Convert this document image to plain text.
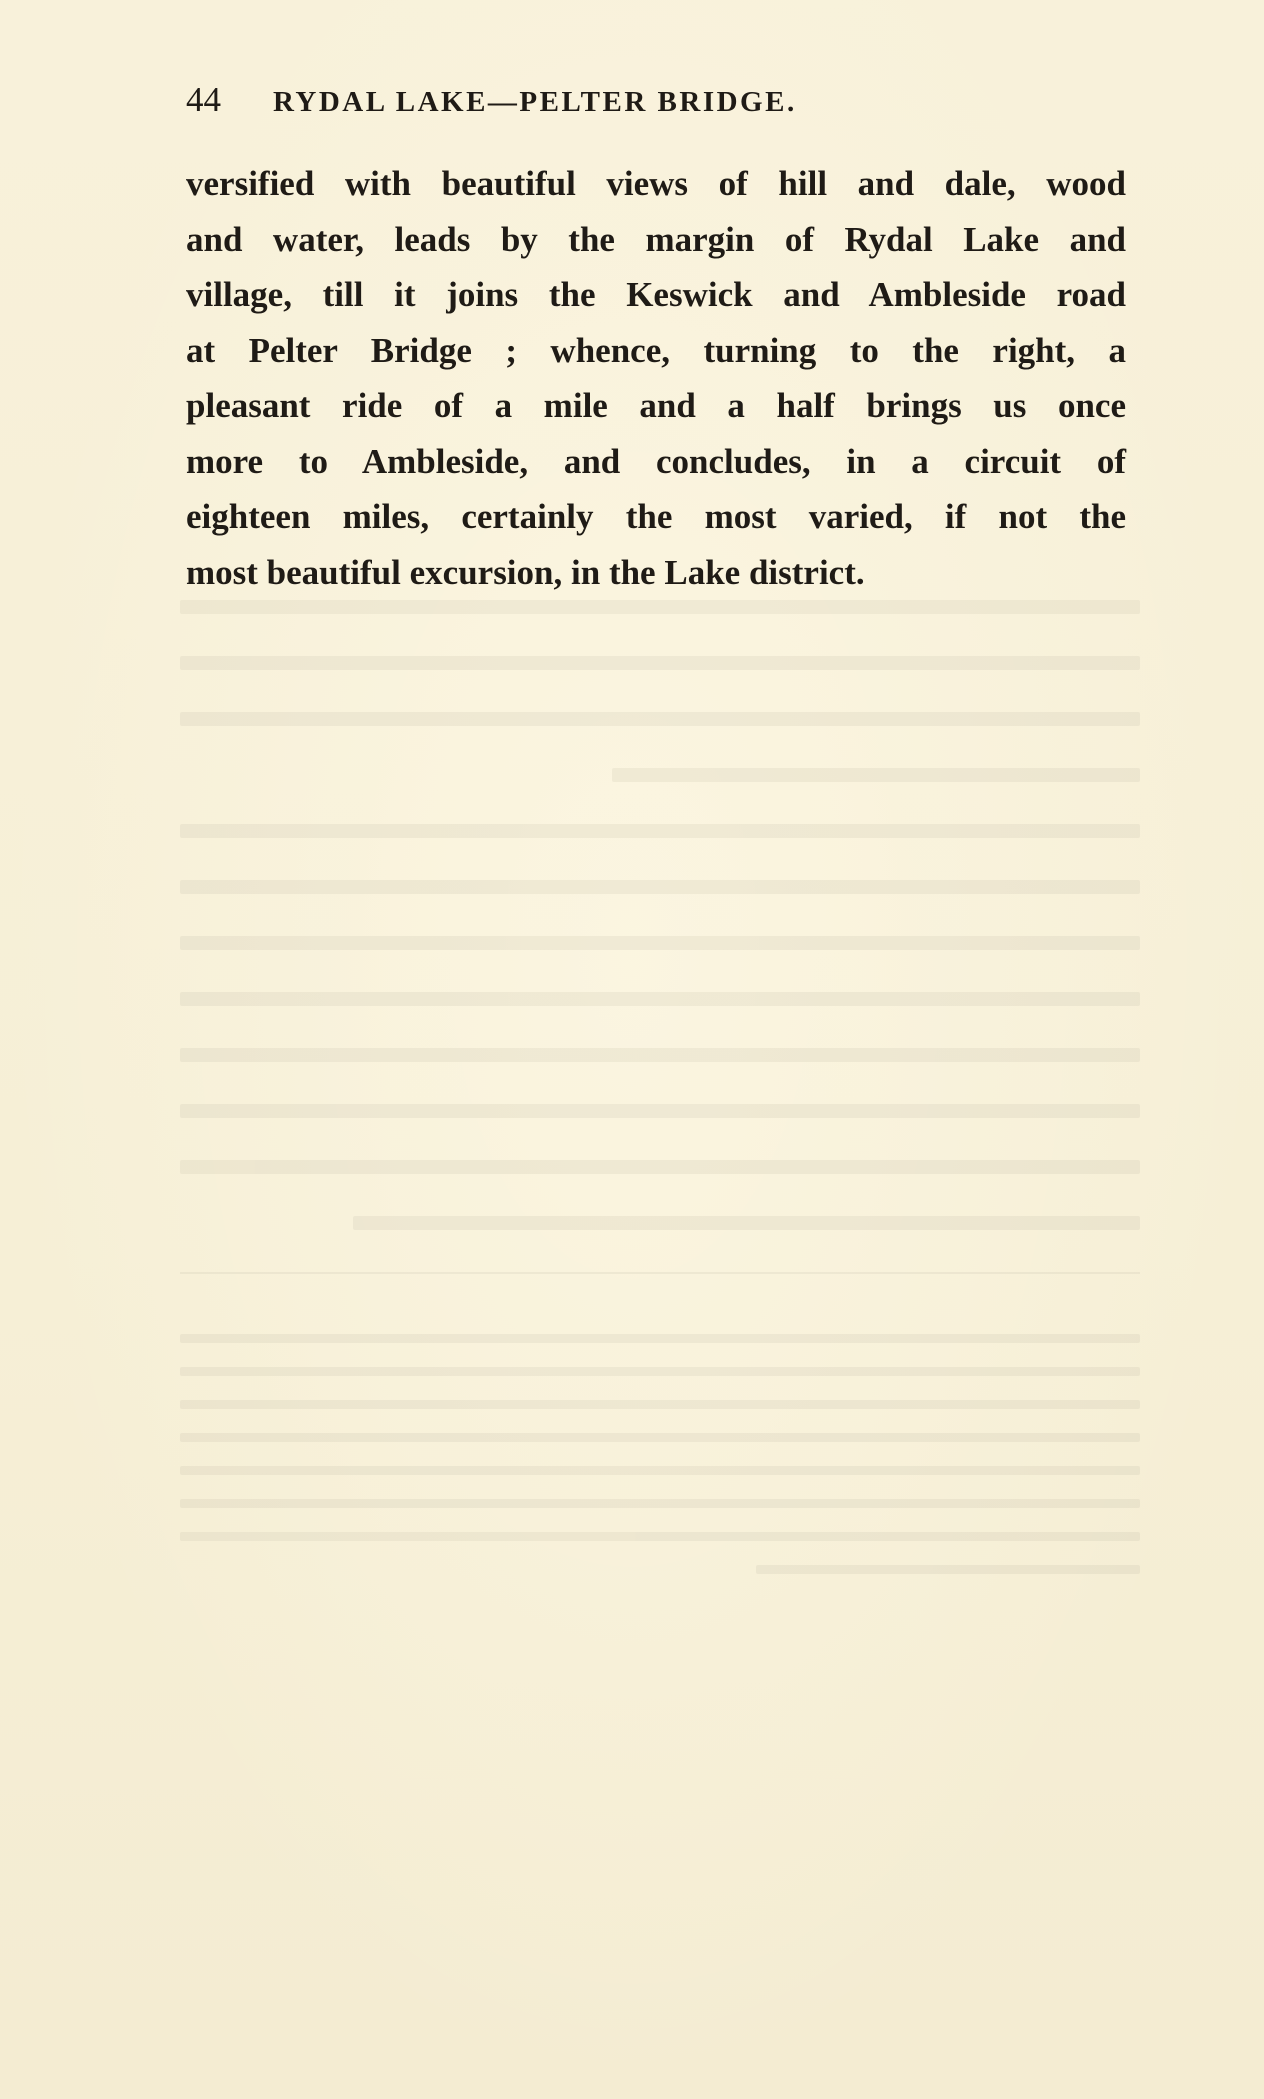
44 RYDAL LAKE—PELTER BRIDGE.
versified with beautiful views of hill and dale, wood
and water, leads by the margin of Rydal Lake and
village, till it joins the Keswick and Ambleside road
at Pelter Bridge ; whence, turning to the right, a
pleasant ride of a mile and a half brings us once
more to Ambleside, and concludes, in a circuit of
eighteen miles, certainly the most varied, if not the
most beautiful excursion, in the Lake district.
